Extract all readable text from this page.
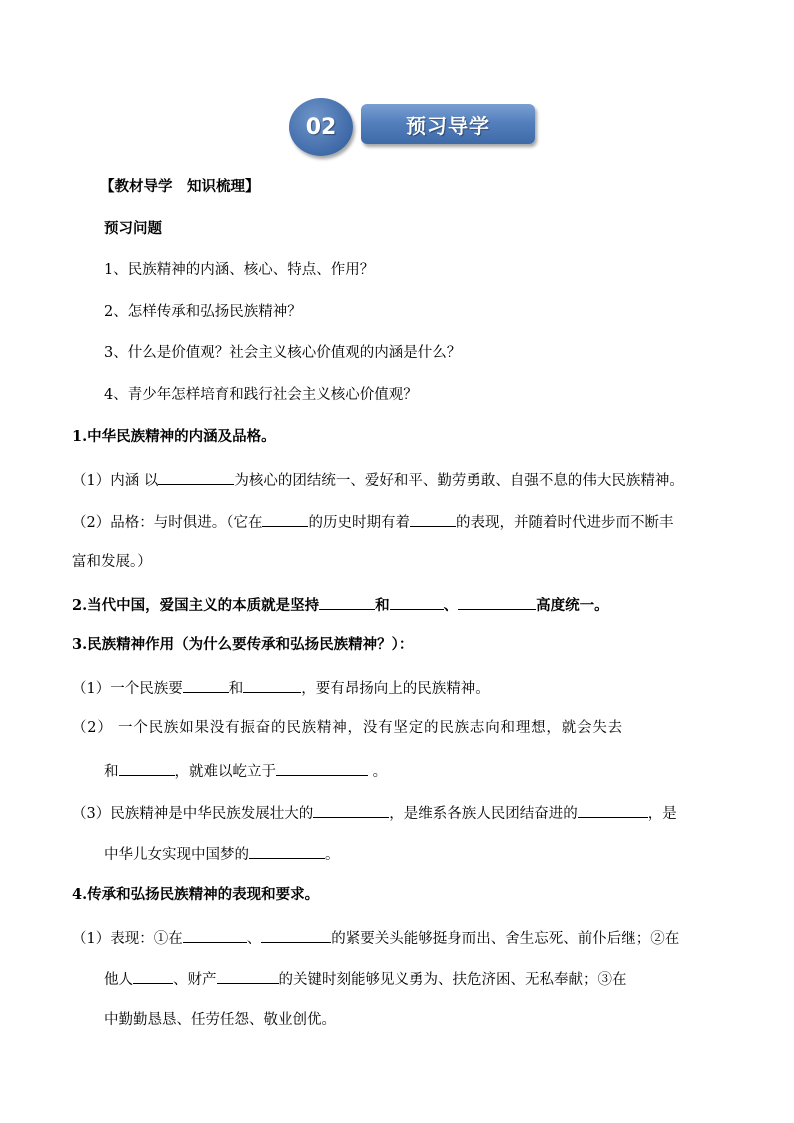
02	预习导学
【教材导学　知识梳理】
预习问题
1、民族精神的内涵、核心、特点、作用？
2、怎样传承和弘扬民族精神？
3、什么是价值观？社会主义核心价值观的内涵是什么？
4、青少年怎样培育和践行社会主义核心价值观？
1.中华民族精神的内涵及品格。
（1）内涵 以	为核心的团结统一、爱好和平、勤劳勇敢、自强不息的伟大民族精神。
（2）品格：与时俱进。（它在	的历史时期有着	的表现，并随着时代进步而不断丰
富和发展。）
2.当代中国，爱国主义的本质就是坚持	和	、	高度统一。
3.民族精神作用（为什么要传承和弘扬民族精神？）：
（1）一个民族要	和	，要有昂扬向上的民族精神。
（2） 一个民族如果没有振奋的民族精神，没有坚定的民族志向和理想，就会失去
和	，就难以屹立于	。
（3）民族精神是中华民族发展壮大的	，是维系各族人民团结奋进的	，是
中华儿女实现中国梦的	。
4.传承和弘扬民族精神的表现和要求。
（1）表现：①在	、	的紧要关头能够挺身而出、舍生忘死、前仆后继；②在
他人	、财产	的关键时刻能够见义勇为、扶危济困、无私奉献；③在
中勤勤恳恳、任劳任怨、敬业创优。
